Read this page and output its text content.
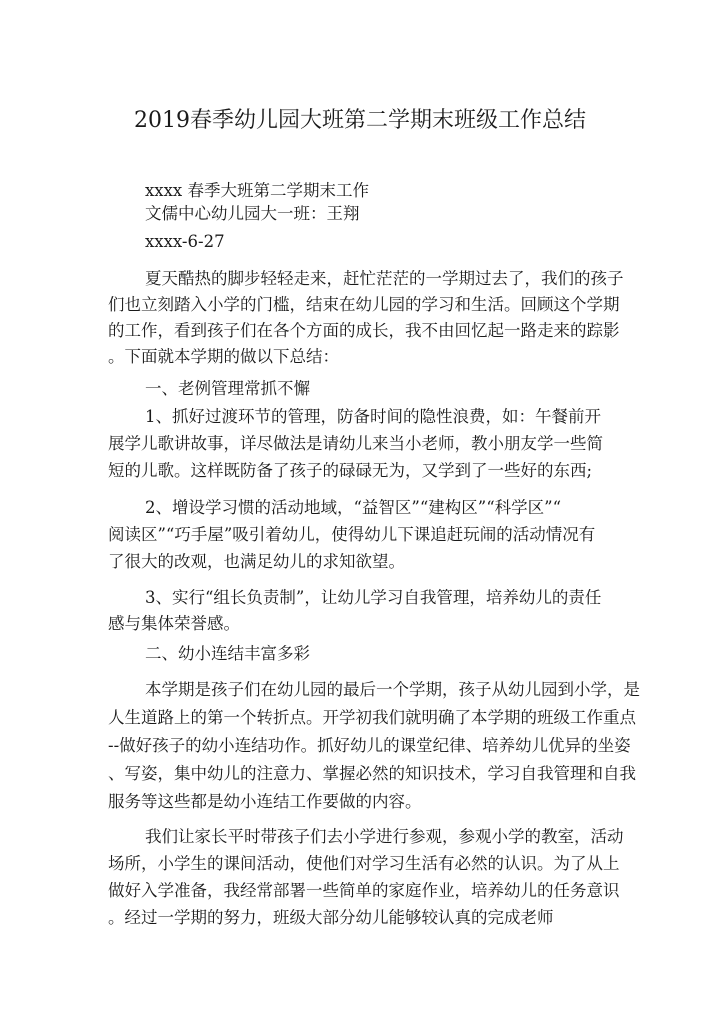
2019春季幼儿园大班第二学期末班级工作总结
xxxx 春季大班第二学期末工作
文儒中心幼儿园大一班：王翔
xxxx-6-27
夏天酷热的脚步轻轻走来，赶忙茫茫的一学期过去了，我们的孩子
们也立刻踏入小学的门槛，结束在幼儿园的学习和生活。回顾这个学期
的工作，看到孩子们在各个方面的成长，我不由回忆起一路走来的踪影
。下面就本学期的做以下总结：
一、老例管理常抓不懈
1、抓好过渡环节的管理，防备时间的隐性浪费，如：午餐前开
展学儿歌讲故事，详尽做法是请幼儿来当小老师，教小朋友学一些简
短的儿歌。这样既防备了孩子的碌碌无为，又学到了一些好的东西;
2、增设学习惯的活动地域，“益智区”“建构区”“科学区”“
阅读区”“巧手屋”吸引着幼儿，使得幼儿下课追赶玩闹的活动情况有
了很大的改观，也满足幼儿的求知欲望。
3、实行“组长负责制”，让幼儿学习自我管理，培养幼儿的责任
感与集体荣誉感。
二、幼小连结丰富多彩
本学期是孩子们在幼儿园的最后一个学期，孩子从幼儿园到小学，是
人生道路上的第一个转折点。开学初我们就明确了本学期的班级工作重点
--做好孩子的幼小连结功作。抓好幼儿的课堂纪律、培养幼儿优异的坐姿
、写姿，集中幼儿的注意力、掌握必然的知识技术，学习自我管理和自我
服务等这些都是幼小连结工作要做的内容。
我们让家长平时带孩子们去小学进行参观，参观小学的教室，活动
场所，小学生的课间活动，使他们对学习生活有必然的认识。为了从上
做好入学准备，我经常部署一些简单的家庭作业，培养幼儿的任务意识
。经过一学期的努力，班级大部分幼儿能够较认真的完成老师
